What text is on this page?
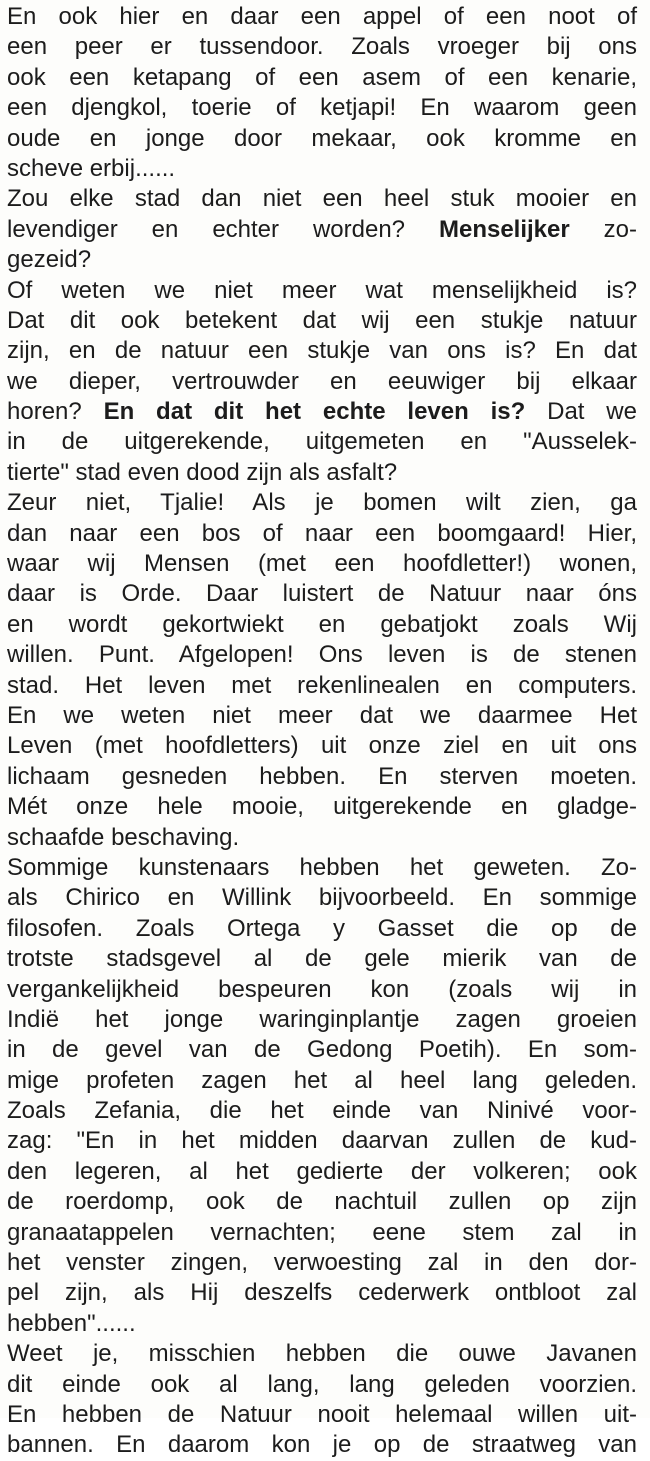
En ook hier en daar een appel of een noot of
een peer er tussendoor. Zoals vroeger bij ons
ook een ketapang of een asem of een kenarie,
een djengkol, toerie of ketjapi! En waarom geen
oude en jonge door mekaar, ook kromme en
scheve erbij......
Zou elke stad dan niet een heel stuk mooier en
levendiger en echter worden? Menselijker zo-
gezeid?
Of weten we niet meer wat menselijkheid is?
Dat dit ook betekent dat wij een stukje natuur
zijn, en de natuur een stukje van ons is? En dat
we dieper, vertrouwder en eeuwiger bij elkaar
horen? En dat dit het echte leven is? Dat we
in de uitgerekende, uitgemeten en "Ausselek-
tierte" stad even dood zijn als asfalt?
Zeur niet, Tjalie! Als je bomen wilt zien, ga
dan naar een bos of naar een boomgaard! Hier,
waar wij Mensen (met een hoofdletter!) wonen,
daar is Orde. Daar luistert de Natuur naar óns
en wordt gekortwiekt en gebatjokt zoals Wij
willen. Punt. Afgelopen! Ons leven is de stenen
stad. Het leven met rekenlinealen en computers.
En we weten niet meer dat we daarmee Het
Leven (met hoofdletters) uit onze ziel en uit ons
lichaam gesneden hebben. En sterven moeten.
Mét onze hele mooie, uitgerekende en gladge-
schaafde beschaving.
Sommige kunstenaars hebben het geweten. Zo-
als Chirico en Willink bijvoorbeeld. En sommige
filosofen. Zoals Ortega y Gasset die op de
trotste stadsgevel al de gele mierik van de
vergankelijkheid bespeuren kon (zoals wij in
Indië het jonge waringinplantje zagen groeien
in de gevel van de Gedong Poetih). En som-
mige profeten zagen het al heel lang geleden.
Zoals Zefania, die het einde van Ninivé voor-
zag: "En in het midden daarvan zullen de kud-
den legeren, al het gedierte der volkeren; ook
de roerdomp, ook de nachtuil zullen op zijn
granaatappelen vernachten; eene stem zal in
het venster zingen, verwoesting zal in den dor-
pel zijn, als Hij deszelfs cederwerk ontbloot zal
hebben"......
Weet je, misschien hebben die ouwe Javanen
dit einde ook al lang, lang geleden voorzien.
En hebben de Natuur nooit helemaal willen uit-
bannen. En daarom kon je op de straatweg van
